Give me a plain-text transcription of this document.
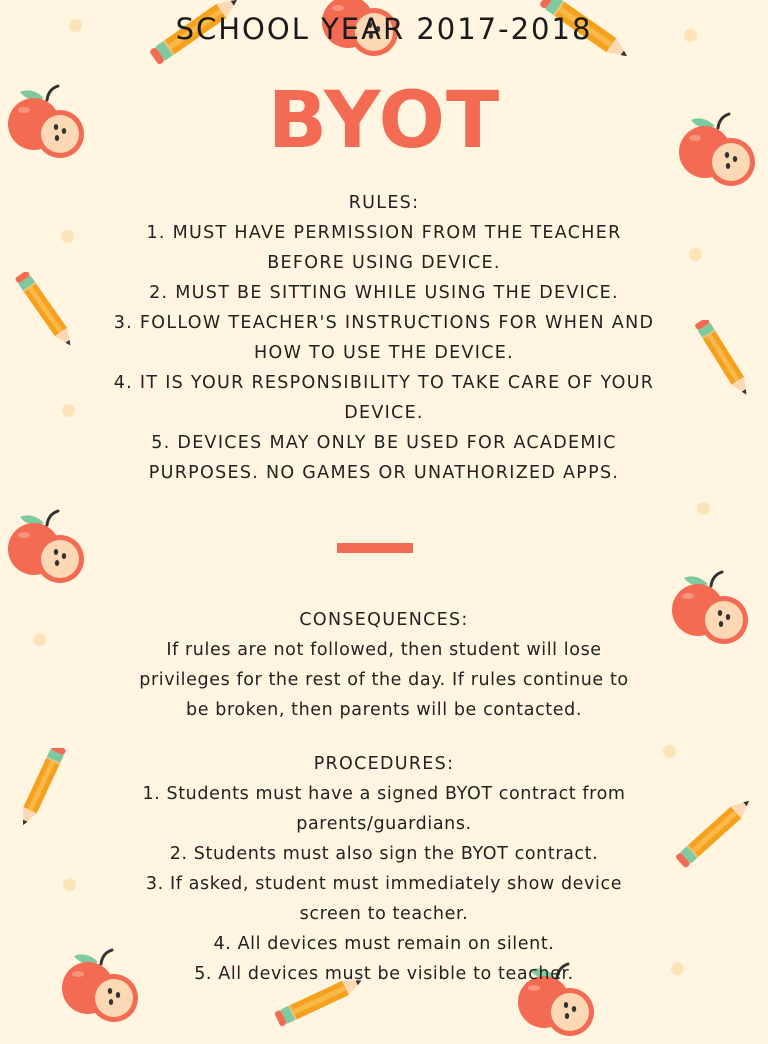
SCHOOL YEAR 2017-2018
BYOT
RULES:
1. MUST HAVE PERMISSION FROM THE TEACHER
BEFORE USING DEVICE.
2. MUST BE SITTING WHILE USING THE DEVICE.
3. FOLLOW TEACHER'S INSTRUCTIONS FOR WHEN AND
HOW TO USE THE DEVICE.
4. IT IS YOUR RESPONSIBILITY TO TAKE CARE OF YOUR
DEVICE.
5. DEVICES MAY ONLY BE USED FOR ACADEMIC
PURPOSES. NO GAMES OR UNATHORIZED APPS.
CONSEQUENCES:
If rules are not followed, then student will lose
privileges for the rest of the day. If rules continue to
be broken, then parents will be contacted.
PROCEDURES:
1. Students must have a signed BYOT contract from
parents/guardians.
2. Students must also sign the BYOT contract.
3. If asked, student must immediately show device
screen to teacher.
4. All devices must remain on silent.
5. All devices must be visible to teacher.
